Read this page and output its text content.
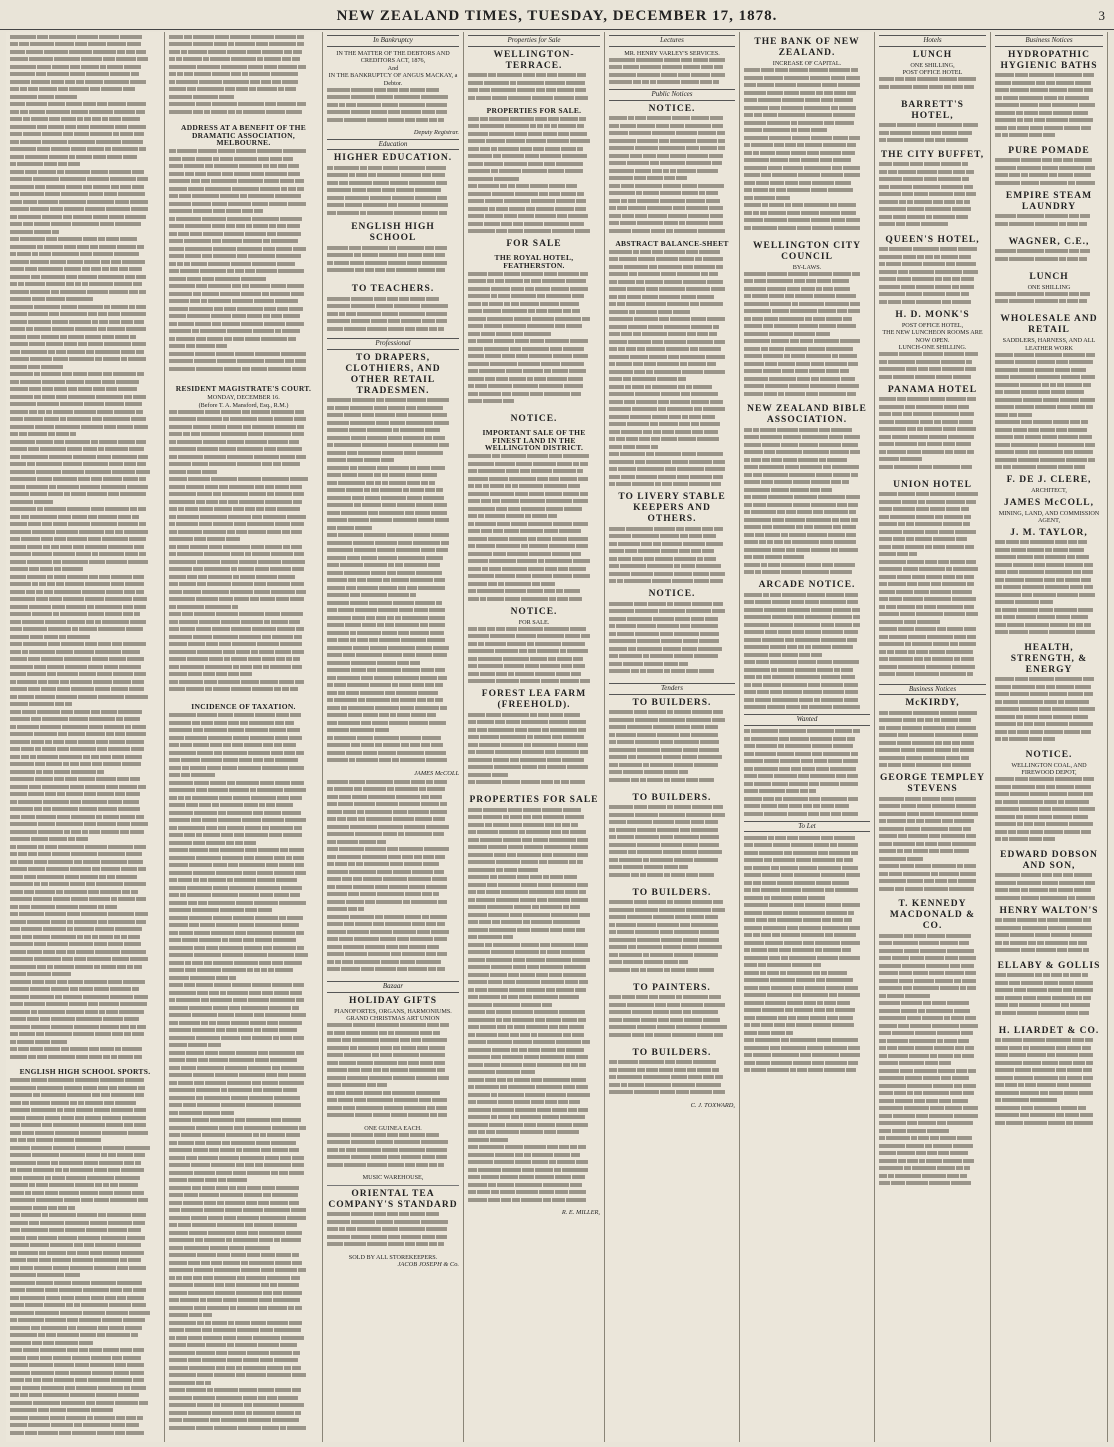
NEW ZEALAND TIMES, TUESDAY, DECEMBER 17, 1878.	3
ENGLISH HIGH SCHOOL SPORTS.
ADDRESS AT A BENEFIT OF THE DRAMATIC ASSOCIATION, MELBOURNE.
RESIDENT MAGISTRATE'S COURT.
MONDAY, DECEMBER 16.
(Before T. A. Mansford, Esq., R.M.)
INCIDENCE OF TAXATION.
In Bankruptcy
IN THE MATTER OF THE DEBTORS AND CREDITORS ACT, 1876,
And
IN THE BANKRUPTCY OF ANGUS MACKAY, a Debtor.
Deputy Registrar.
Education
HIGHER EDUCATION.
ENGLISH HIGH SCHOOL
TO TEACHERS.
Professional
TO DRAPERS, CLOTHIERS, AND OTHER RETAIL TRADESMEN.
JAMES McCOLL
Bazaar
HOLIDAY GIFTS
PIANOFORTES, ORGANS, HARMONIUMS.
GRAND CHRISTMAS ART UNION
ONE GUINEA EACH.
MUSIC WAREHOUSE,
ORIENTAL TEA COMPANY'S STANDARD
SOLD BY ALL STOREKEEPERS.
JACOB JOSEPH & Co.
Properties for Sale
WELLINGTON-TERRACE.
PROPERTIES FOR SALE.
FOR SALE
THE ROYAL HOTEL, FEATHERSTON.
NOTICE.
IMPORTANT SALE OF THE FINEST LAND IN THE WELLINGTON DISTRICT.
NOTICE.
FOR SALE.
FOREST LEA FARM (FREEHOLD).
PROPERTIES FOR SALE
R. E. MILLER,
Lectures
MR. HENRY VARLEY'S SERVICES.
Public Notices
NOTICE.
ABSTRACT BALANCE-SHEET
TO LIVERY STABLE KEEPERS AND OTHERS.
NOTICE.
Tenders
TO BUILDERS.
TO BUILDERS.
TO BUILDERS.
TO PAINTERS.
TO BUILDERS.
C. J. TOXWARD,
THE BANK OF NEW ZEALAND.
INCREASE OF CAPITAL.
WELLINGTON CITY COUNCIL
BY-LAWS.
NEW ZEALAND BIBLE ASSOCIATION.
ARCADE NOTICE.
Wanted
To Let
Hotels
LUNCH
ONE SHILLING,
POST OFFICE HOTEL
BARRETT'S HOTEL,
THE CITY BUFFET,
QUEEN'S HOTEL,
H. D. MONK'S
POST OFFICE HOTEL,
THE NEW LUNCHEON ROOMS ARE NOW OPEN.
LUNCH-ONE SHILLING.
PANAMA HOTEL
UNION HOTEL
Business Notices
McKIRDY,
GEORGE TEMPLEY STEVENS
T. KENNEDY MACDONALD & CO.
Business Notices
HYDROPATHIC HYGIENIC BATHS
PURE POMADE
EMPIRE STEAM LAUNDRY
WAGNER, C.E.,
LUNCH
ONE SHILLING
WHOLESALE AND RETAIL
SADDLERS, HARNESS, AND ALL LEATHER WORK
F. DE J. CLERE,
ARCHITECT,
JAMES McCOLL,
MINING, LAND, AND COMMISSION AGENT,
J. M. TAYLOR,
HEALTH, STRENGTH, & ENERGY
NOTICE.
WELLINGTON COAL, AND FIREWOOD DEPOT,
EDWARD DOBSON AND SON,
HENRY WALTON'S
ELLABY & GOLLIS
H. LIARDET & CO.
